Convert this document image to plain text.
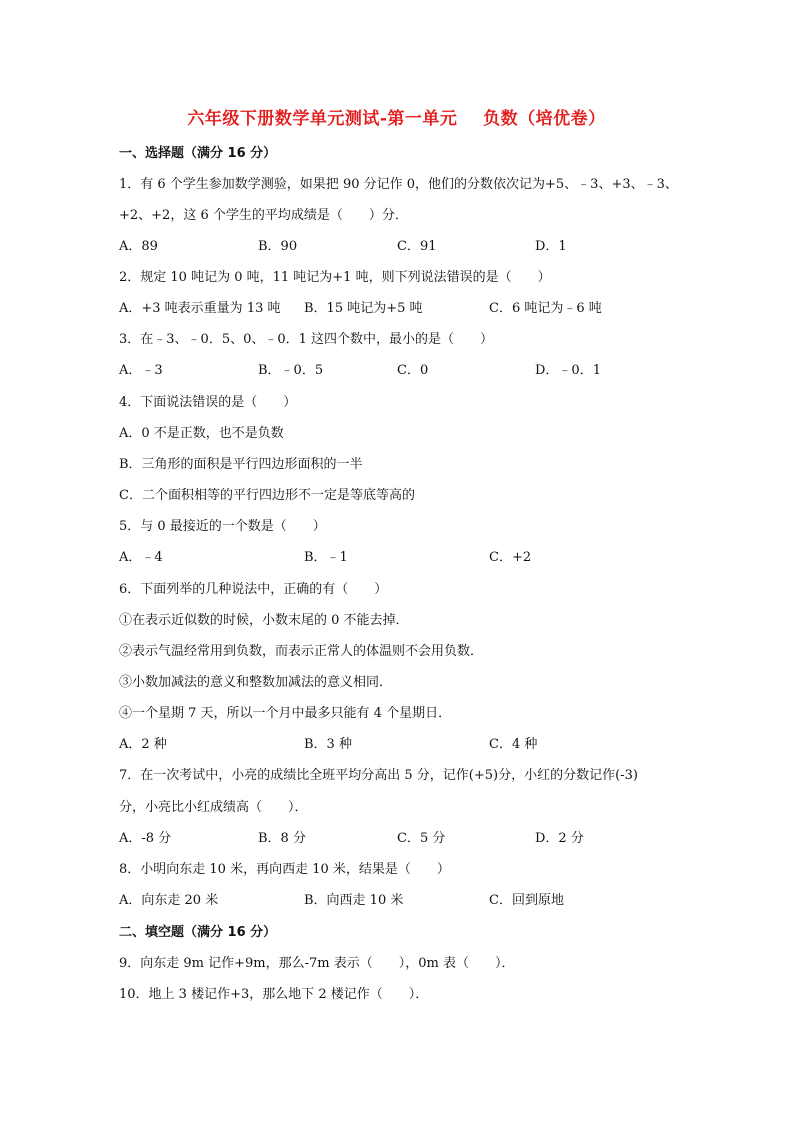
六年级下册数学单元测试-第一单元    负数（培优卷）
一、选择题（满分 16 分）
1．有 6 个学生参加数学测验，如果把 90 分记作 0，他们的分数依次记为+5、﹣3、+3、﹣3、
+2、+2，这 6 个学生的平均成绩是（　　）分．
A．89	B．90	C．91	D．1
2．规定 10 吨记为 0 吨，11 吨记为+1 吨，则下列说法错误的是（　　）
A．+3 吨表示重量为 13 吨 B．15 吨记为+5 吨	C．6 吨记为﹣6 吨
3．在﹣3、﹣0．5、0、﹣0．1 这四个数中，最小的是（　　）
A．﹣3	B．﹣0．5	C．0	D．﹣0．1
4．下面说法错误的是（　　）
A．0 不是正数，也不是负数
B．三角形的面积是平行四边形面积的一半
C．二个面积相等的平行四边形不一定是等底等高的
5．与 0 最接近的一个数是（　　）
A．﹣4	B．﹣1	C．+2
6．下面列举的几种说法中，正确的有（　　）
①在表示近似数的时候，小数末尾的 0 不能去掉．
②表示气温经常用到负数，而表示正常人的体温则不会用负数．
③小数加减法的意义和整数加减法的意义相同．
④一个星期 7 天，所以一个月中最多只能有 4 个星期日．
A．2 种	B．3 种	C．4 种
7．在一次考试中，小亮的成绩比全班平均分高出 5 分，记作(+5)分，小红的分数记作(-3)
分，小亮比小红成绩高（　　）．
A．-8 分	B．8 分	C．5 分	D．2 分
8．小明向东走 10 米，再向西走 10 米，结果是（　　）
A．向东走 20 米	B．向西走 10 米	C．回到原地
二、填空题（满分 16 分）
9．向东走 9m 记作+9m，那么-7m 表示（　　），0m 表（　　）．
10．地上 3 楼记作+3，那么地下 2 楼记作（　　）．
